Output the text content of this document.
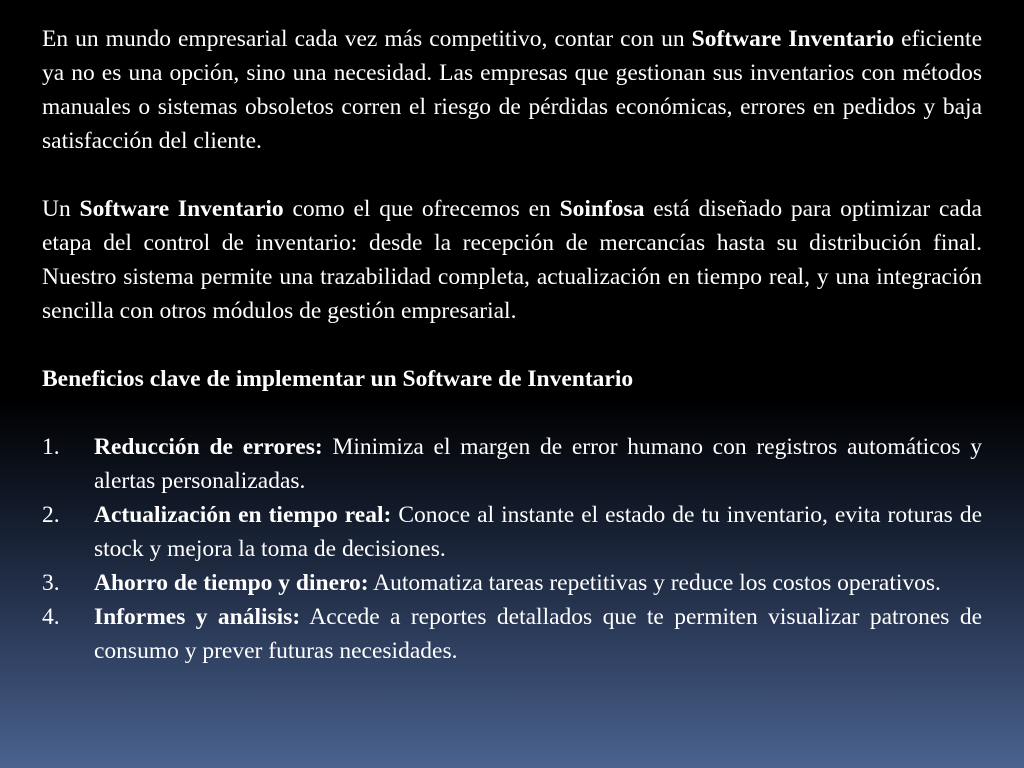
En un mundo empresarial cada vez más competitivo, contar con un Software Inventario eficiente ya no es una opción, sino una necesidad. Las empresas que gestionan sus inventarios con métodos manuales o sistemas obsoletos corren el riesgo de pérdidas económicas, errores en pedidos y baja satisfacción del cliente.

Un Software Inventario como el que ofrecemos en Soinfosa está diseñado para optimizar cada etapa del control de inventario: desde la recepción de mercancías hasta su distribución final. Nuestro sistema permite una trazabilidad completa, actualización en tiempo real, y una integración sencilla con otros módulos de gestión empresarial.

Beneficios clave de implementar un Software de Inventario

1. Reducción de errores: Minimiza el margen de error humano con registros automáticos y alertas personalizadas.
2. Actualización en tiempo real: Conoce al instante el estado de tu inventario, evita roturas de stock y mejora la toma de decisiones.
3. Ahorro de tiempo y dinero: Automatiza tareas repetitivas y reduce los costos operativos.
4. Informes y análisis: Accede a reportes detallados que te permiten visualizar patrones de consumo y prever futuras necesidades.
